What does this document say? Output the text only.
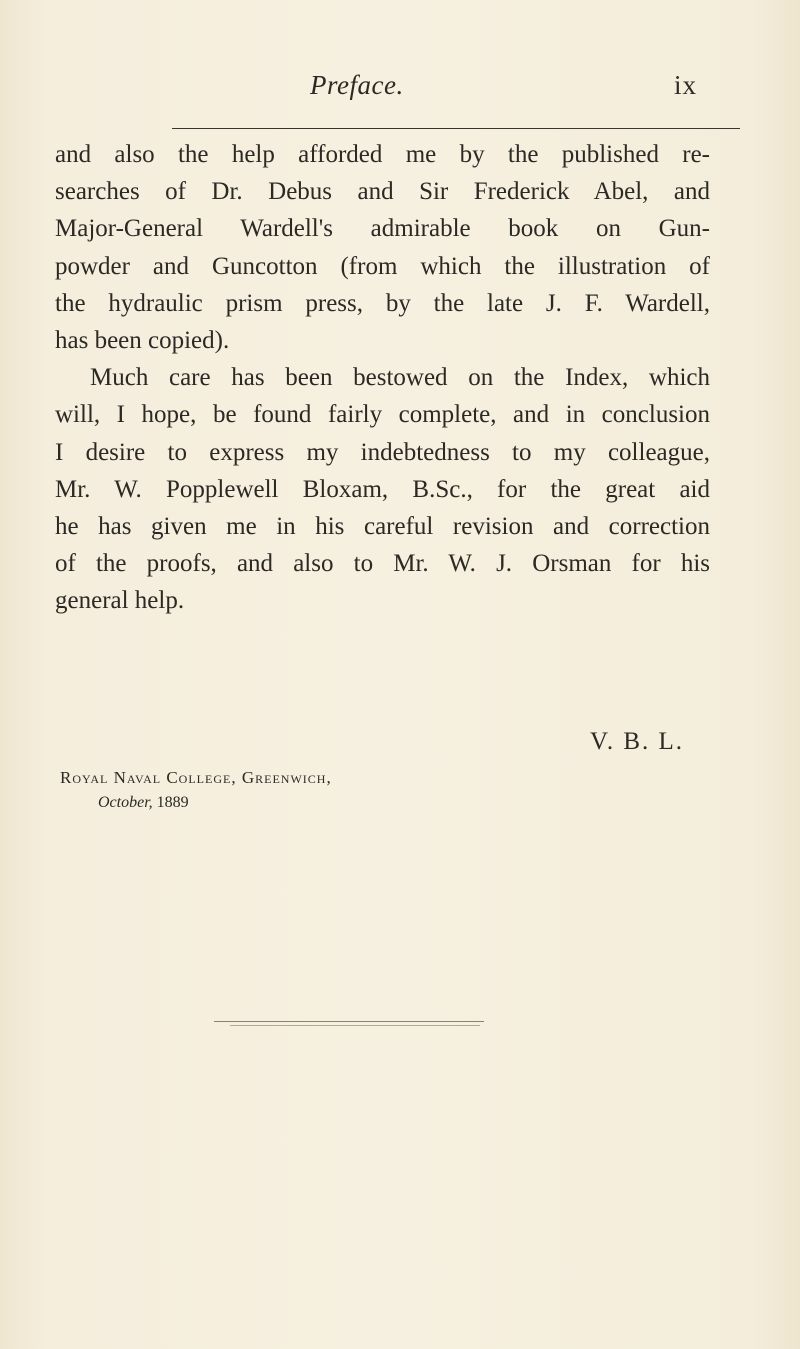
Preface.	ix
and also the help afforded me by the published re-
searches of Dr. Debus and Sir Frederick Abel, and
Major-General Wardell's admirable book on Gun-
powder and Guncotton (from which the illustration of
the hydraulic prism press, by the late J. F. Wardell,
has been copied).
Much care has been bestowed on the Index, which
will, I hope, be found fairly complete, and in conclusion
I desire to express my indebtedness to my colleague,
Mr. W. Popplewell Bloxam, B.Sc., for the great aid
he has given me in his careful revision and correction
of the proofs, and also to Mr. W. J. Orsman for his
general help.
V. B. L.
Royal Naval College, Greenwich,
October, 1889
